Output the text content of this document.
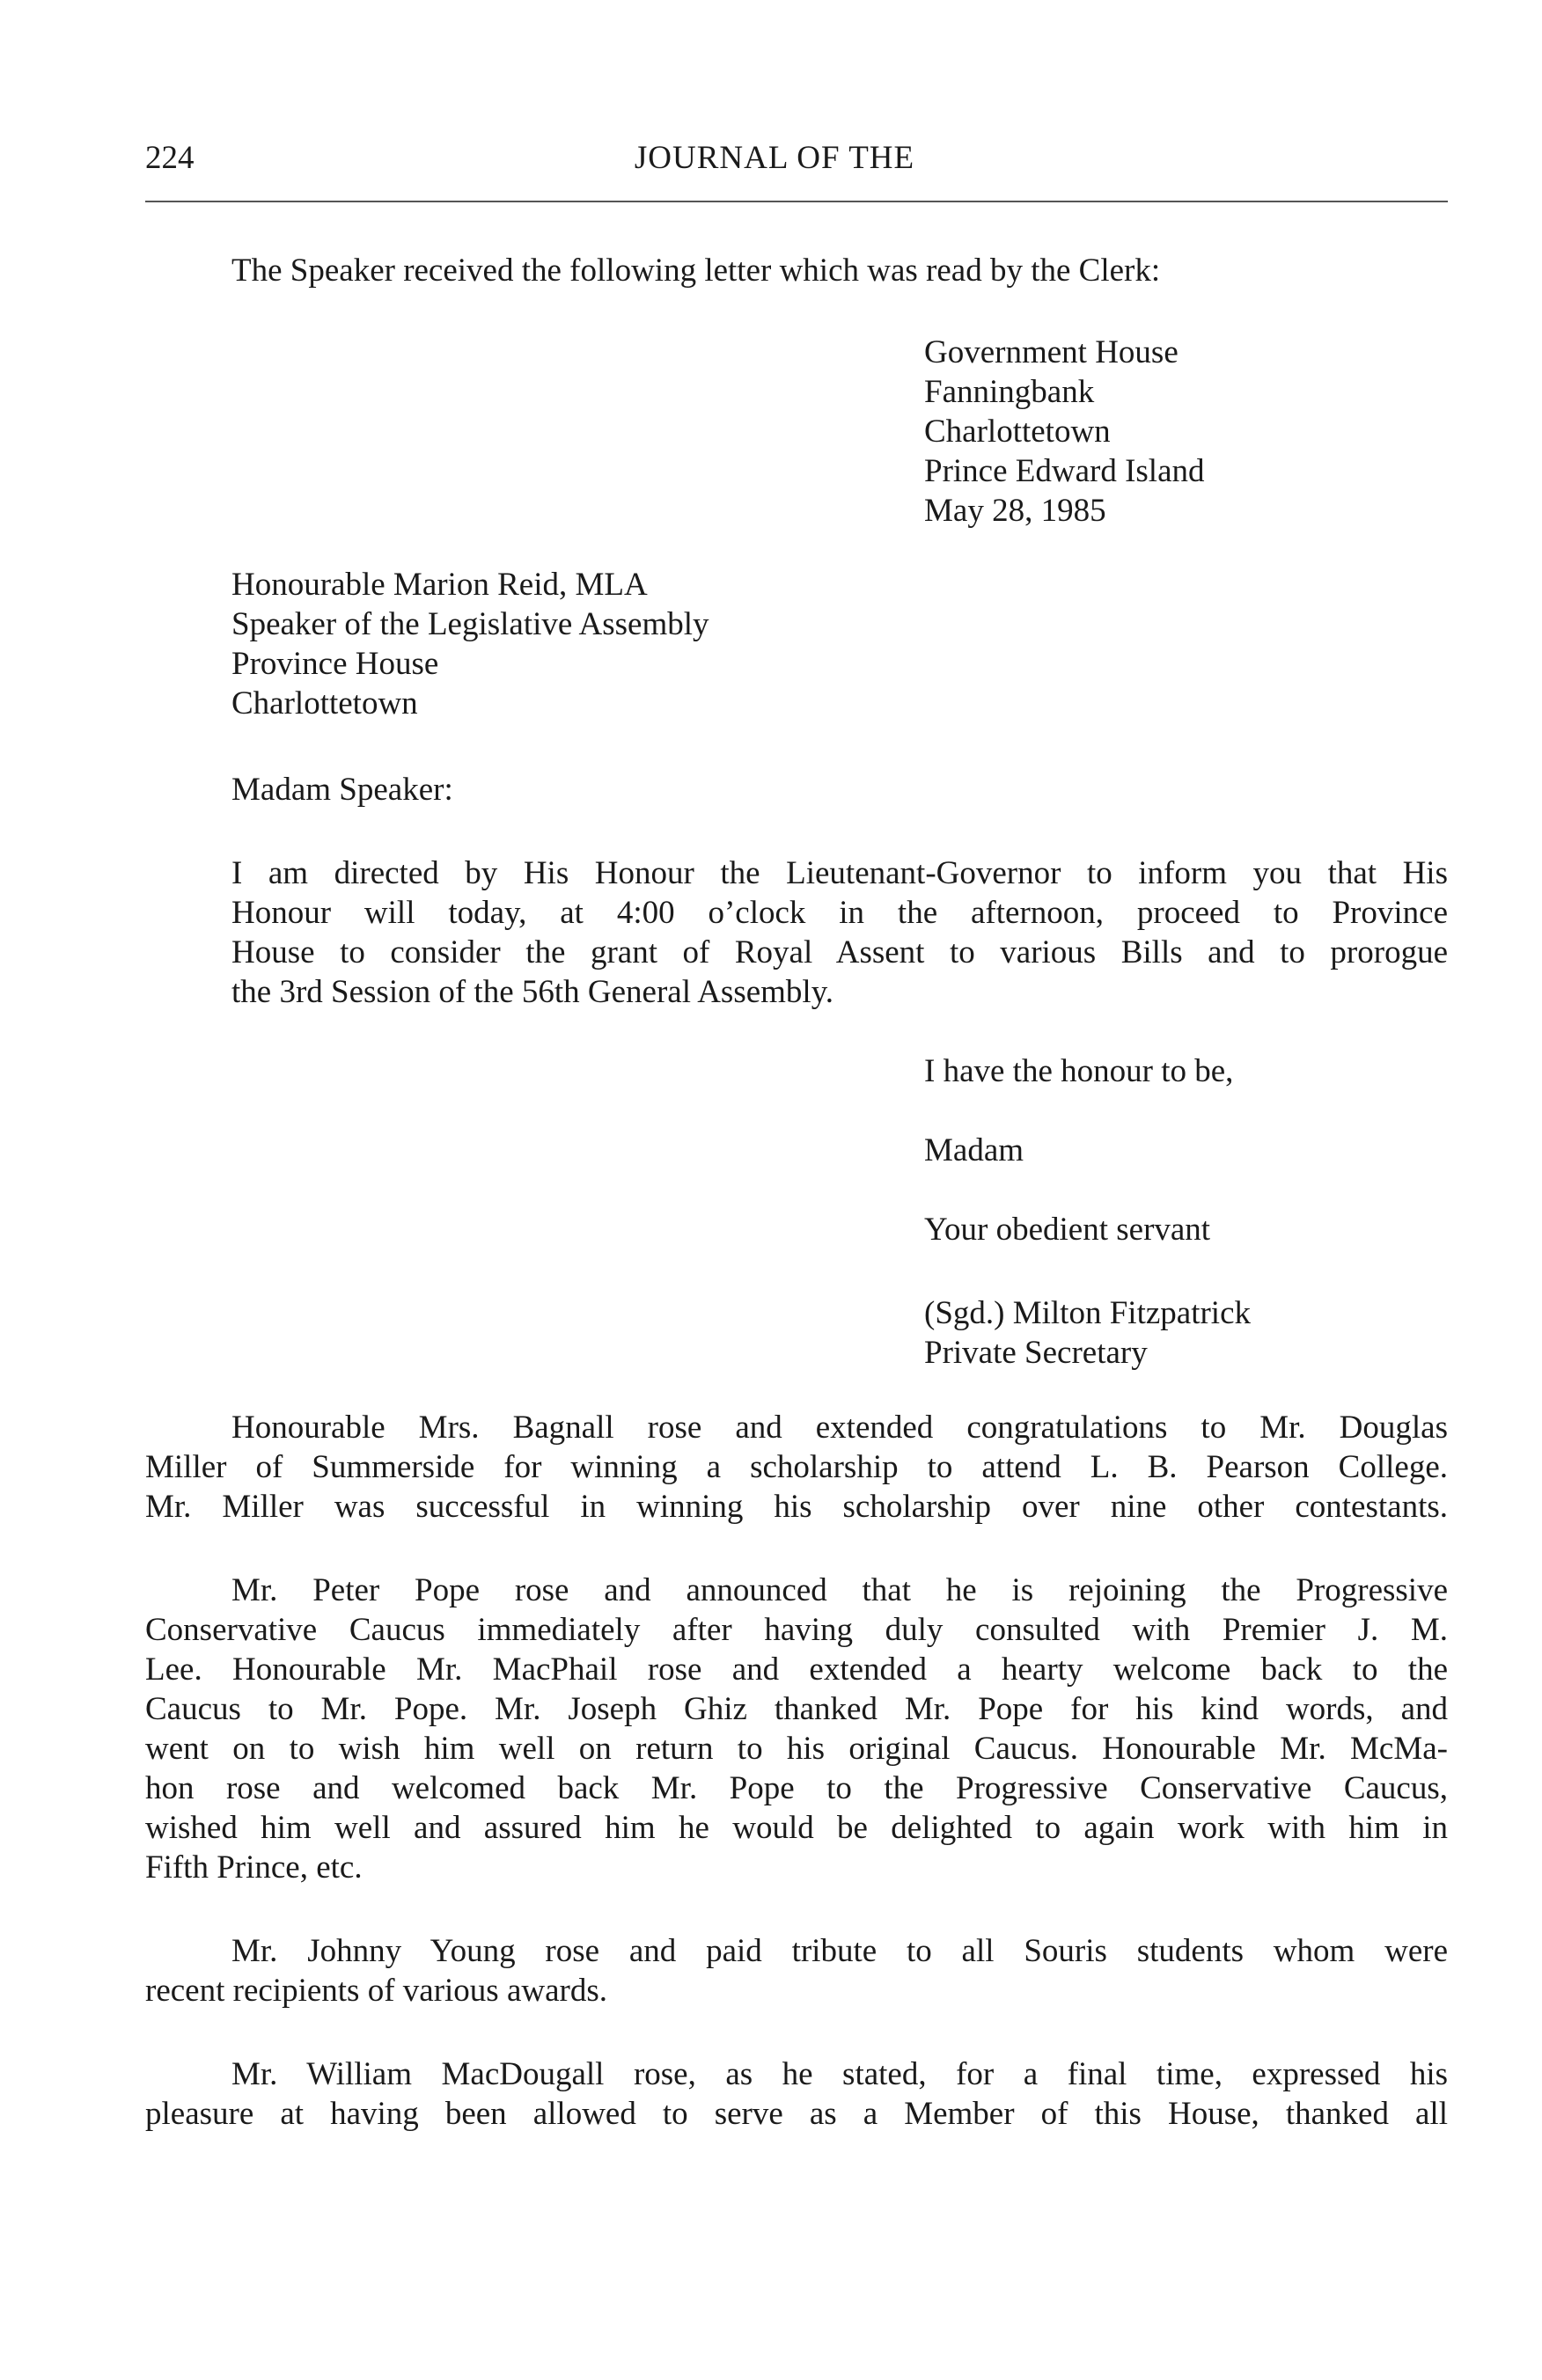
224	JOURNAL OF THE

The Speaker received the following letter which was read by the Clerk:

Government House
Fanningbank
Charlottetown
Prince Edward Island
May 28, 1985
Honourable Marion Reid, MLA
Speaker of the Legislative Assembly
Province House
Charlottetown

Madam Speaker:

I am directed by His Honour the Lieutenant-Governor to inform you that His
Honour will today, at 4:00 o’clock in the afternoon, proceed to Province
House to consider the grant of Royal Assent to various Bills and to prorogue
the 3rd Session of the 56th General Assembly.

I have the honour to be,

Madam

Your obedient servant

(Sgd.) Milton Fitzpatrick
Private Secretary
Honourable Mrs. Bagnall rose and extended congratulations to Mr. Douglas
Miller of Summerside for winning a scholarship to attend L. B. Pearson College.
Mr. Miller was successful in winning his scholarship over nine other contestants.
Mr. Peter Pope rose and announced that he is rejoining the Progressive
Conservative Caucus immediately after having duly consulted with Premier J. M.
Lee. Honourable Mr. MacPhail rose and extended a hearty welcome back to the
Caucus to Mr. Pope. Mr. Joseph Ghiz thanked Mr. Pope for his kind words, and
went on to wish him well on return to his original Caucus. Honourable Mr. McMa-
hon rose and welcomed back Mr. Pope to the Progressive Conservative Caucus,
wished him well and assured him he would be delighted to again work with him in
Fifth Prince, etc.
Mr. Johnny Young rose and paid tribute to all Souris students whom were
recent recipients of various awards.
Mr. William MacDougall rose, as he stated, for a final time, expressed his
pleasure at having been allowed to serve as a Member of this House, thanked all
